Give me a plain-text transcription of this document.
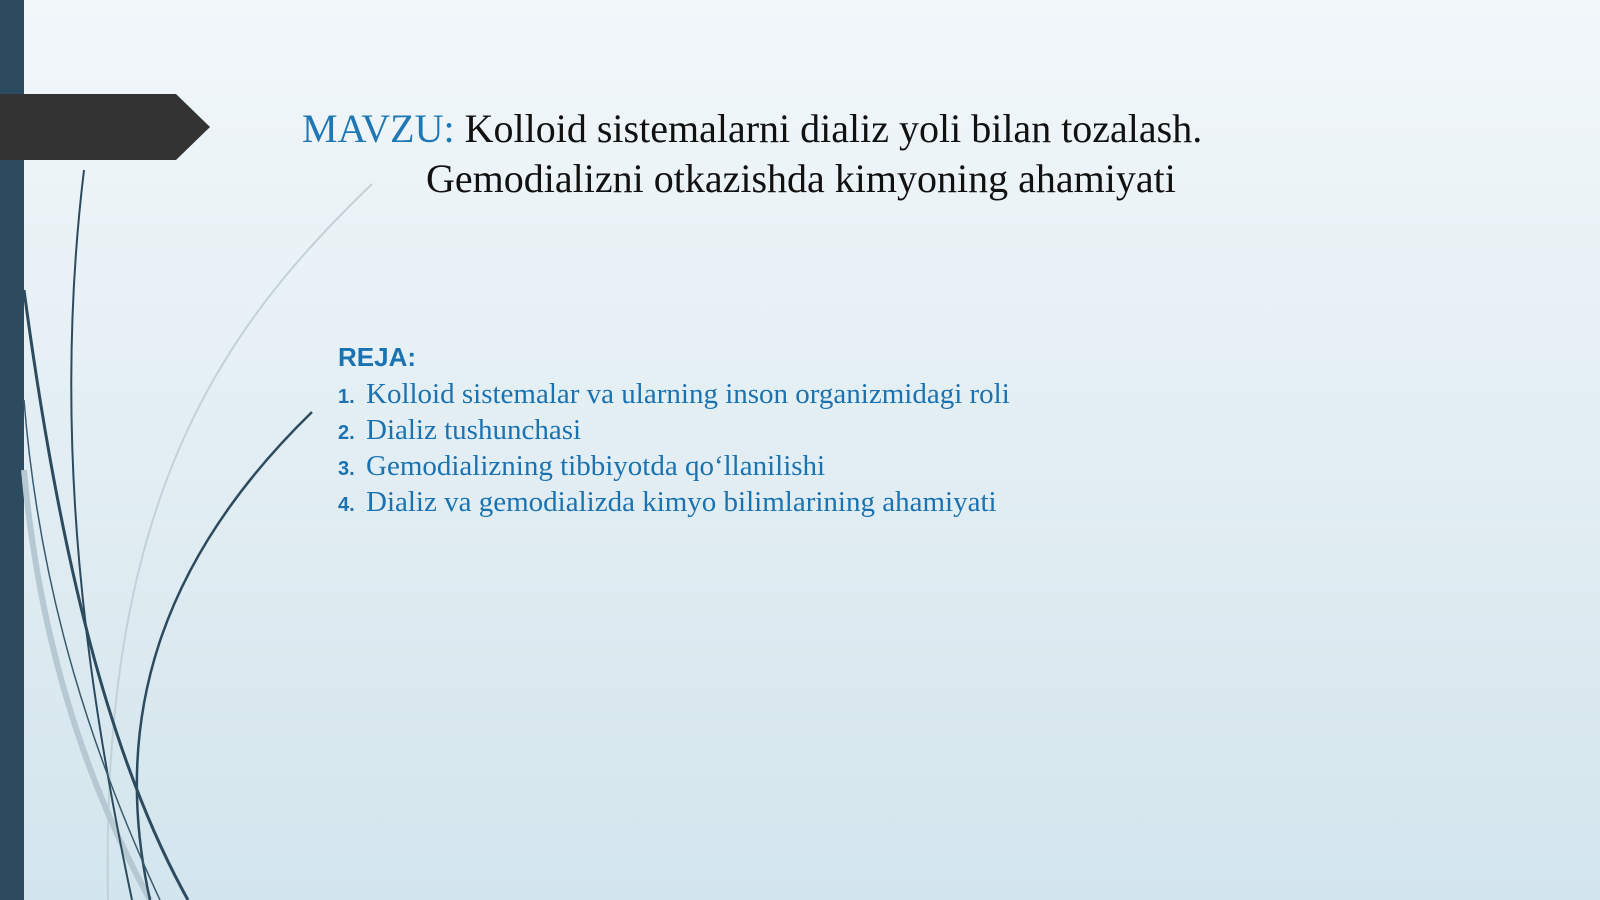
MAVZU: Kolloid sistemalarni dializ yoli bilan tozalash.
Gemodializni otkazishda kimyoning ahamiyati
REJA:
1. Kolloid sistemalar va ularning inson organizmidagi roli
2. Dializ tushunchasi
3. Gemodializning tibbiyotda qoʻllanilishi
4. Dializ va gemodializda kimyo bilimlarining ahamiyati
